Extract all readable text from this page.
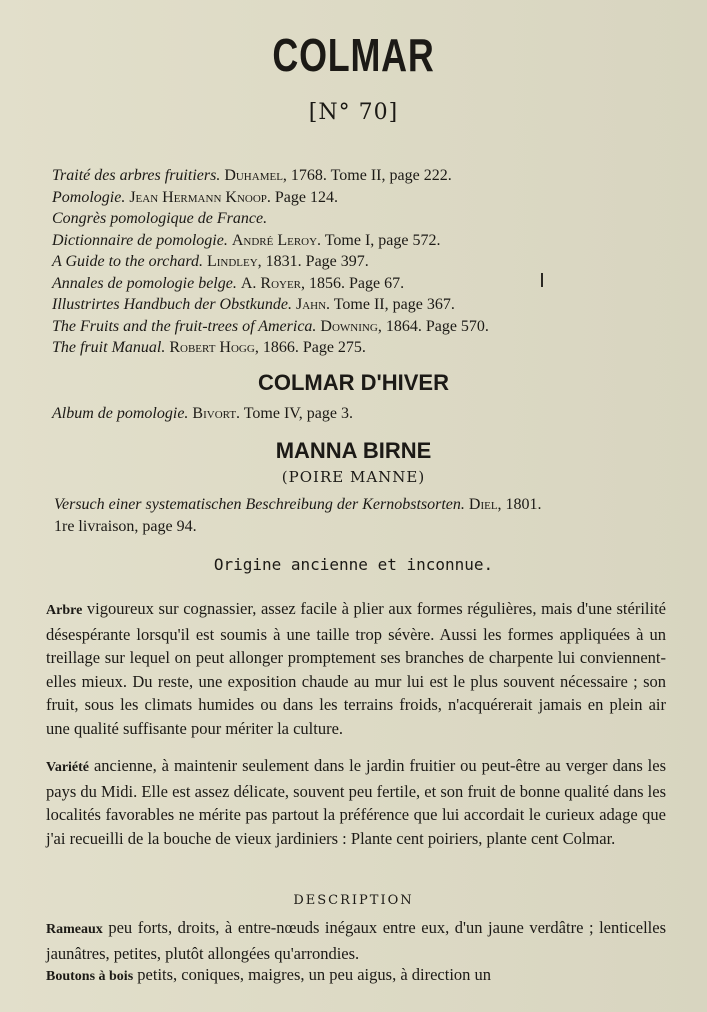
COLMAR
[N° 70]
Traité des arbres fruitiers. Duhamel, 1768. Tome II, page 222.
Pomologie. Jean Hermann Knoop. Page 124.
Congrès pomologique de France.
Dictionnaire de pomologie. André Leroy. Tome I, page 572.
A Guide to the orchard. Lindley, 1831. Page 397.
Annales de pomologie belge. A. Royer, 1856. Page 67.
Illustrirtes Handbuch der Obstkunde. Jahn. Tome II, page 367.
The Fruits and the fruit-trees of America. Downing, 1864. Page 570.
The fruit Manual. Robert Hogg, 1866. Page 275.
COLMAR D'HIVER
Album de pomologie. Bivort. Tome IV, page 3.
MANNA BIRNE
(POIRE MANNE)
Versuch einer systematischen Beschreibung der Kernobstsorten. Diel, 1801.
1re livraison, page 94.
Origine ancienne et inconnue.
Arbre vigoureux sur cognassier, assez facile à plier aux formes régulières, mais d'une stérilité désespérante lorsqu'il est soumis à une taille trop sévère. Aussi les formes appliquées à un treillage sur lequel on peut allonger promptement ses branches de charpente lui conviennent-elles mieux. Du reste, une exposition chaude au mur lui est le plus souvent nécessaire ; son fruit, sous les climats humides ou dans les terrains froids, n'acquérerait jamais en plein air une qualité suffisante pour mériter la culture.
Variété ancienne, à maintenir seulement dans le jardin fruitier ou peut-être au verger dans les pays du Midi. Elle est assez délicate, souvent peu fertile, et son fruit de bonne qualité dans les localités favorables ne mérite pas partout la préférence que lui accordait le curieux adage que j'ai recueilli de la bouche de vieux jardiniers : Plante cent poiriers, plante cent Colmar.
DESCRIPTION
Rameaux peu forts, droits, à entre-nœuds inégaux entre eux, d'un jaune verdâtre ; lenticelles jaunâtres, petites, plutôt allongées qu'arrondies.
Boutons à bois petits, coniques, maigres, un peu aigus, à direction un
